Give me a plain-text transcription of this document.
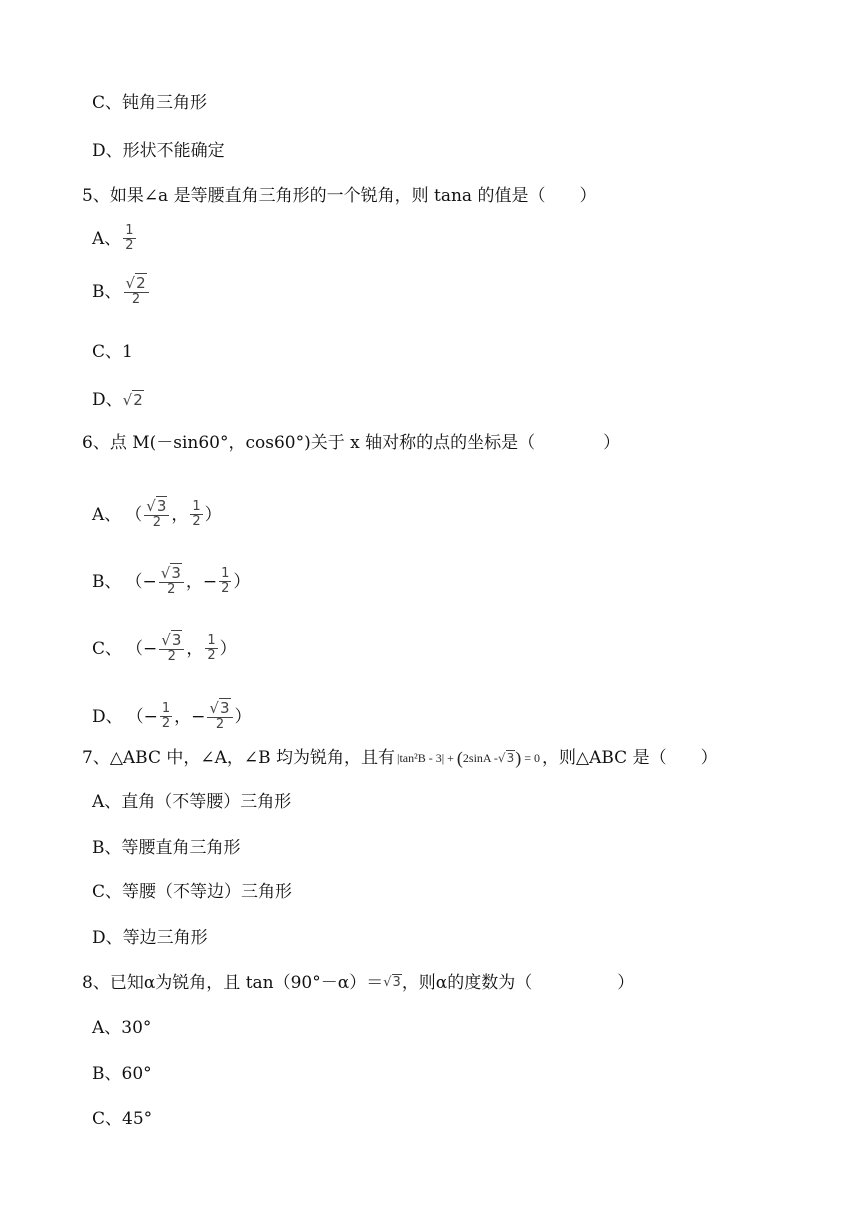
C、钝角三角形
D、形状不能确定
5、如果∠a 是等腰直角三角形的一个锐角，则 tana 的值是（　　）
A、 $\frac{1}{2}$
B、 $\frac{√2}{2}$
C、1
D、 √2
6、点 M(－sin60°，cos60°)关于 x 轴对称的点的坐标是（　　　　）
A、 （ $\frac{√3}{2}$ ， $\frac{1}{2}$ ）
B、 （ − $\frac{√3}{2}$ ， − $\frac{1}{2}$ ）
C、 （ − $\frac{√3}{2}$ ， $\frac{1}{2}$ ）
D、 （ − $\frac{1}{2}$ ， − $\frac{√3}{2}$ ）
7、△ABC 中，∠A，∠B 均为锐角，且有 | tan²B - 3 | + ( 2sinA - √3 ) = 0 ，则△ABC 是（　　）
A、直角（不等腰）三角形
B、等腰直角三角形
C、等腰（不等边）三角形
D、等边三角形
8、已知α为锐角，且 tan（90°－α）＝ √3 ，则α的度数为（　　　　　）
A、30°
B、60°
C、45°
